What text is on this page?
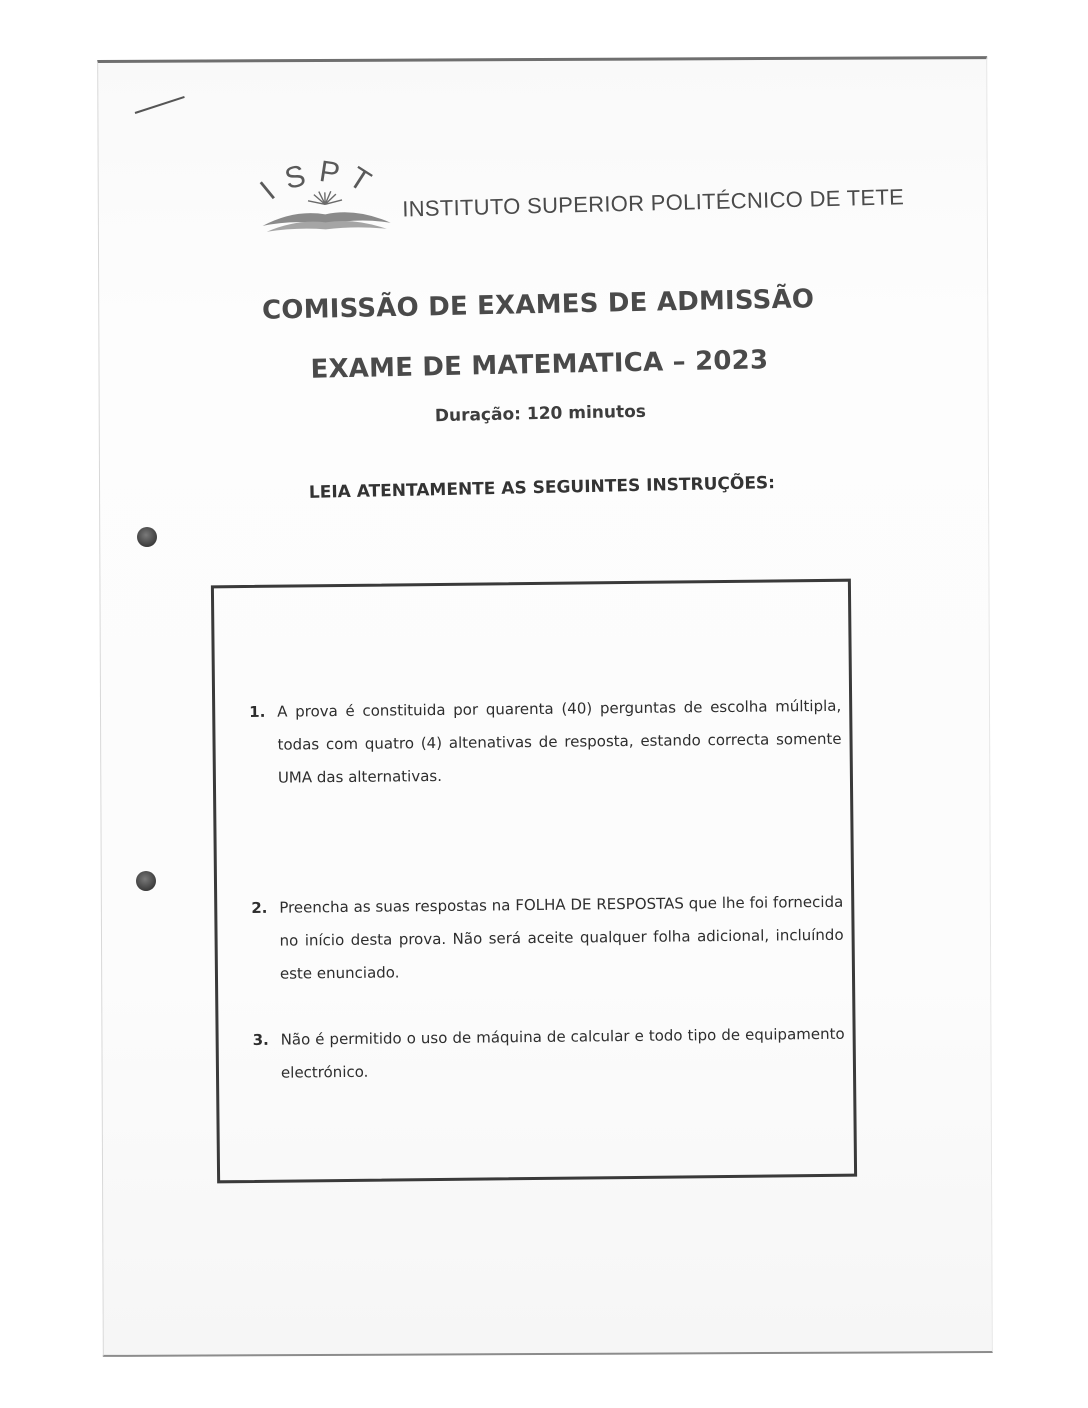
I S P T
INSTITUTO SUPERIOR POLITÉCNICO DE TETE

COMISSÃO DE EXAMES DE ADMISSÃO

EXAME DE MATEMATICA – 2023

Duração: 120 minutos

LEIA ATENTAMENTE AS SEGUINTES INSTRUÇÕES:

1. A prova é constituida por quarenta (40) perguntas de escolha múltipla, todas com quatro (4) altenativas de resposta, estando correcta somente UMA das alternativas.
2. Preencha as suas respostas na FOLHA DE RESPOSTAS que lhe foi fornecida no início desta prova. Não será aceite qualquer folha adicional, incluíndo este enunciado.
3. Não é permitido o uso de máquina de calcular e todo tipo de equipamento electrónico.
